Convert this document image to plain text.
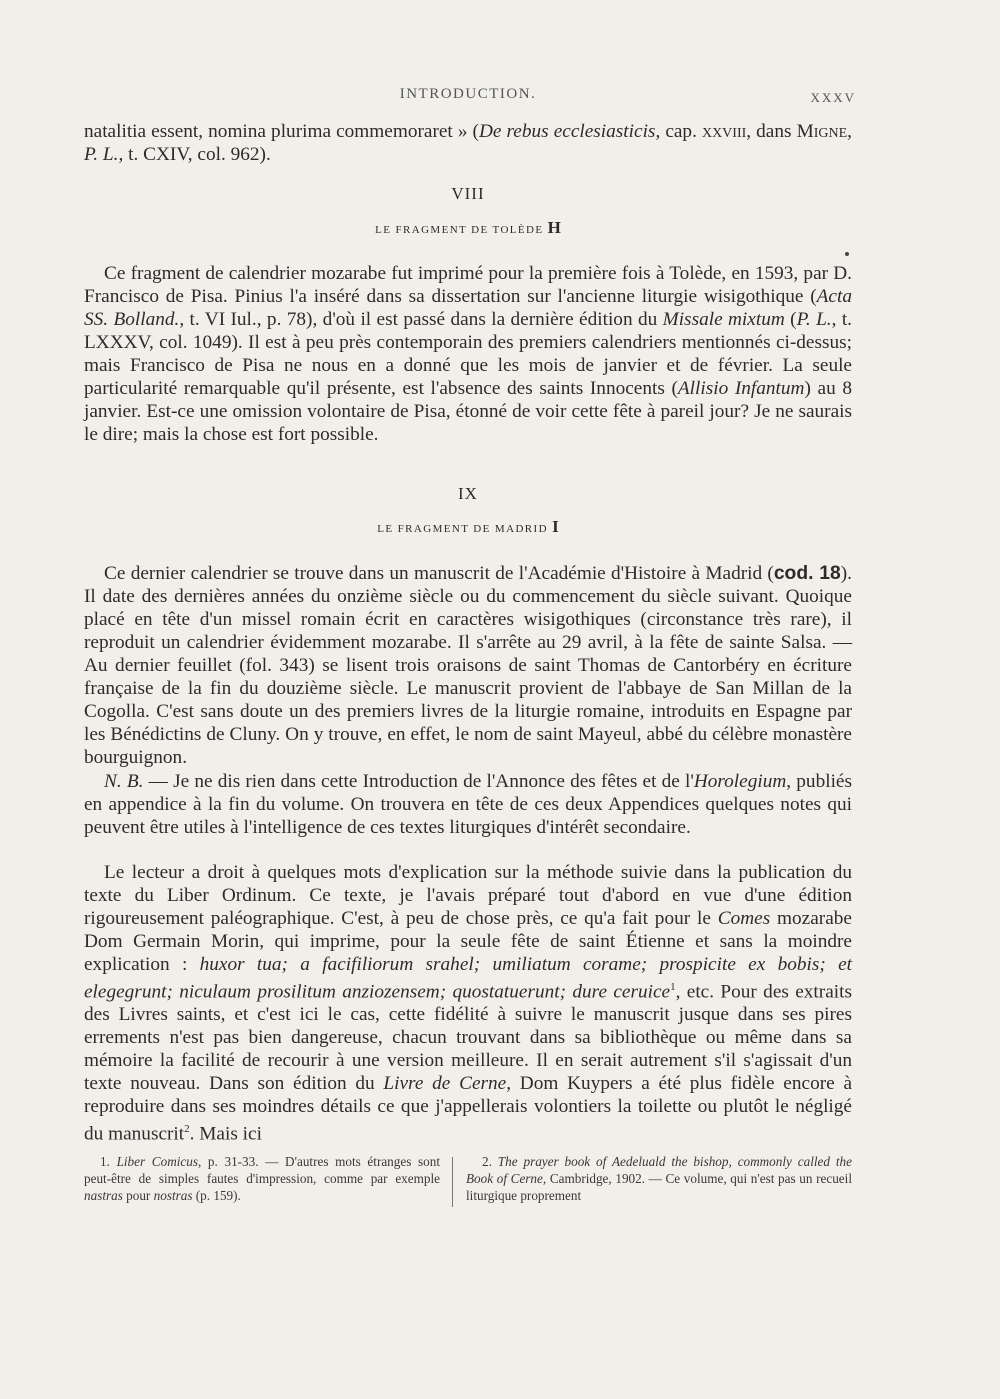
INTRODUCTION.	XXXV

natalitia essent, nomina plurima commemoraret » (De rebus ecclesiasticis, cap. xxviii, dans Migne, P. L., t. CXIV, col. 962).

VIII
LE FRAGMENT DE TOLÈDE H

Ce fragment de calendrier mozarabe fut imprimé pour la première fois à Tolède, en 1593, par D. Francisco de Pisa. Pinius l'a inséré dans sa dissertation sur l'ancienne liturgie wisigothique (Acta SS. Bolland., t. VI Iul., p. 78), d'où il est passé dans la dernière édition du Missale mixtum (P. L., t. LXXXV, col. 1049). Il est à peu près contemporain des premiers calendriers mentionnés ci-dessus; mais Francisco de Pisa ne nous en a donné que les mois de janvier et de février. La seule particularité remarquable qu'il présente, est l'absence des saints Innocents (Allisio Infantum) au 8 janvier. Est-ce une omission volontaire de Pisa, étonné de voir cette fête à pareil jour? Je ne saurais le dire; mais la chose est fort possible.

IX
LE FRAGMENT DE MADRID I

Ce dernier calendrier se trouve dans un manuscrit de l'Académie d'Histoire à Madrid (cod. 18). Il date des dernières années du onzième siècle ou du commencement du siècle suivant. Quoique placé en tête d'un missel romain écrit en caractères wisigothiques (circonstance très rare), il reproduit un calendrier évidemment mozarabe. Il s'arrête au 29 avril, à la fête de sainte Salsa. — Au dernier feuillet (fol. 343) se lisent trois oraisons de saint Thomas de Cantorbéry en écriture française de la fin du douzième siècle. Le manuscrit provient de l'abbaye de San Millan de la Cogolla. C'est sans doute un des premiers livres de la liturgie romaine, introduits en Espagne par les Bénédictins de Cluny. On y trouve, en effet, le nom de saint Mayeul, abbé du célèbre monastère bourguignon.

N. B. — Je ne dis rien dans cette Introduction de l'Annonce des fêtes et de l'Horolegium, publiés en appendice à la fin du volume. On trouvera en tête de ces deux Appendices quelques notes qui peuvent être utiles à l'intelligence de ces textes liturgiques d'intérêt secondaire.

Le lecteur a droit à quelques mots d'explication sur la méthode suivie dans la publication du texte du Liber Ordinum. Ce texte, je l'avais préparé tout d'abord en vue d'une édition rigoureusement paléographique. C'est, à peu de chose près, ce qu'a fait pour le Comes mozarabe Dom Germain Morin, qui imprime, pour la seule fête de saint Étienne et sans la moindre explication : huxor tua; a facifiliorum srahel; umiliatum corame; prospicite ex bobis; et elegegrunt; niculaum prosilitum anziozensem; quostatuerunt; dure ceruice$^1$, etc. Pour des extraits des Livres saints, et c'est ici le cas, cette fidélité à suivre le manuscrit jusque dans ses pires errements n'est pas bien dangereuse, chacun trouvant dans sa bibliothèque ou même dans sa mémoire la facilité de recourir à une version meilleure. Il en serait autrement s'il s'agissait d'un texte nouveau. Dans son édition du Livre de Cerne, Dom Kuypers a été plus fidèle encore à reproduire dans ses moindres détails ce que j'appellerais volontiers la toilette ou plutôt le négligé du manuscrit$^2$. Mais ici

1. Liber Comicus, p. 31-33. — D'autres mots étranges sont peut-être de simples fautes d'impression, comme par exemple nastras pour nostras (p. 159).
2. The prayer book of Aedeluald the bishop, commonly called the Book of Cerne, Cambridge, 1902. — Ce volume, qui n'est pas un recueil liturgique proprement
